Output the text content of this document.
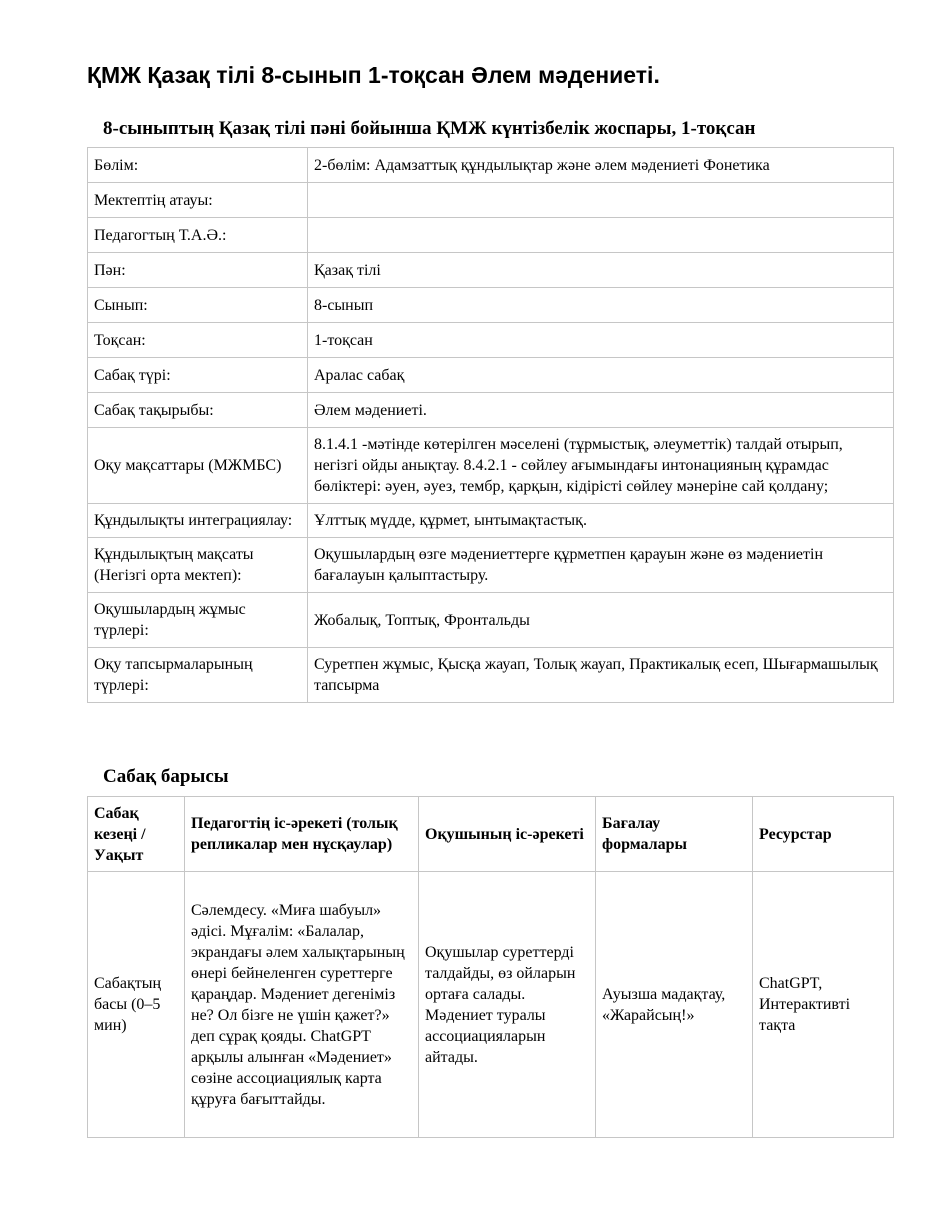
ҚМЖ Қазақ тілі 8-сынып 1-тоқсан Әлем мәдениеті.
8-сыныптың Қазақ тілі пәні бойынша ҚМЖ күнтізбелік жоспары, 1-тоқсан
Бөлім:	2-бөлім: Адамзаттық құндылықтар және әлем мәдениеті Фонетика
Мектептің атауы:	
Педагогтың Т.А.Ә.:	
Пән:	Қазақ тілі
Сынып:	8-сынып
Тоқсан:	1-тоқсан
Сабақ түрі:	Аралас сабақ
Сабақ тақырыбы:	Әлем мәдениеті.
Оқу мақсаттары (МЖМБС)	8.1.4.1 -мәтінде көтерілген мәселені (тұрмыстық, әлеуметтік) талдай отырып, негізгі ойды анықтау. 8.4.2.1 - сөйлеу ағымындағы интонацияның құрамдас бөліктері: әуен, әуез, тембр, қарқын, кідірісті сөйлеу мәнеріне сай қолдану;
Құндылықты интеграциялау:	Ұлттық мүдде, құрмет, ынтымақтастық.
Құндылықтың мақсаты (Негізгі орта мектеп):	Оқушылардың өзге мәдениеттерге құрметпен қарауын және өз мәдениетін бағалауын қалыптастыру.
Оқушылардың жұмыс түрлері:	Жобалық, Топтық, Фронтальды
Оқу тапсырмаларының түрлері:	Суретпен жұмыс, Қысқа жауап, Толық жауап, Практикалық есеп, Шығармашылық тапсырма
Сабақ барысы
Сабақ кезеңі / Уақыт	Педагогтің іс-әрекеті (толық репликалар мен нұсқаулар)	Оқушының іс-әрекеті	Бағалау формалары	Ресурстар
Сабақтың басы (0–5 мин)	Сәлемдесу. «Миға шабуыл» әдісі. Мұғалім: «Балалар, экрандағы әлем халықтарының өнері бейнеленген суреттерге қараңдар. Мәдениет дегеніміз не? Ол бізге не үшін қажет?» деп сұрақ қояды. ChatGPT арқылы алынған «Мәдениет» сөзіне ассоциациялық карта құруға бағыттайды.	Оқушылар суреттерді талдайды, өз ойларын ортаға салады. Мәдениет туралы ассоциацияларын айтады.	Ауызша мадақтау, «Жарайсың!»	ChatGPT, Интерактивті тақта
